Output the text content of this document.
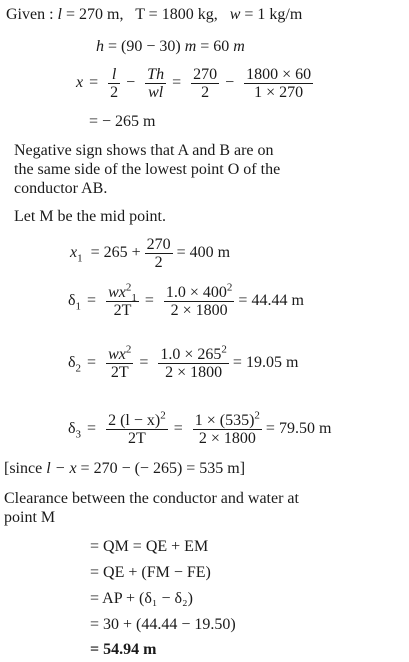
Given : l = 270 m, T = 1800 kg, w = 1 kg/m
h = (90 − 30) m = 60 m
$x = \frac{l}{2} - \frac{Th}{wl} = \frac{270}{2} - \frac{1800 \times 60}{1 \times 270}$
= − 265 m
Negative sign shows that A and B are on
the same side of the lowest point O of the
conductor AB.
Let M be the mid point.
$x_1 = 265 + \frac{270}{2} = 400$ m
$\delta_1 = \frac{wx^2_1}{2T} = \frac{1.0 \times 400^2}{2 \times 1800} = 44.44$ m
$\delta_2 = \frac{wx^2}{2T} = \frac{1.0 \times 265^2}{2 \times 1800} = 19.05$ m
$\delta_3 = \frac{2 (l - x)^2}{2T} = \frac{1 \times (535)^2}{2 \times 1800} = 79.50$ m
[since l − x = 270 − (− 265) = 535 m]
Clearance between the conductor and water at
point M
= QM = QE + EM
= QE + (FM − FE)
= AP + (δ₁ − δ₂)
= 30 + (44.44 − 19.50)
= 54.94 m
